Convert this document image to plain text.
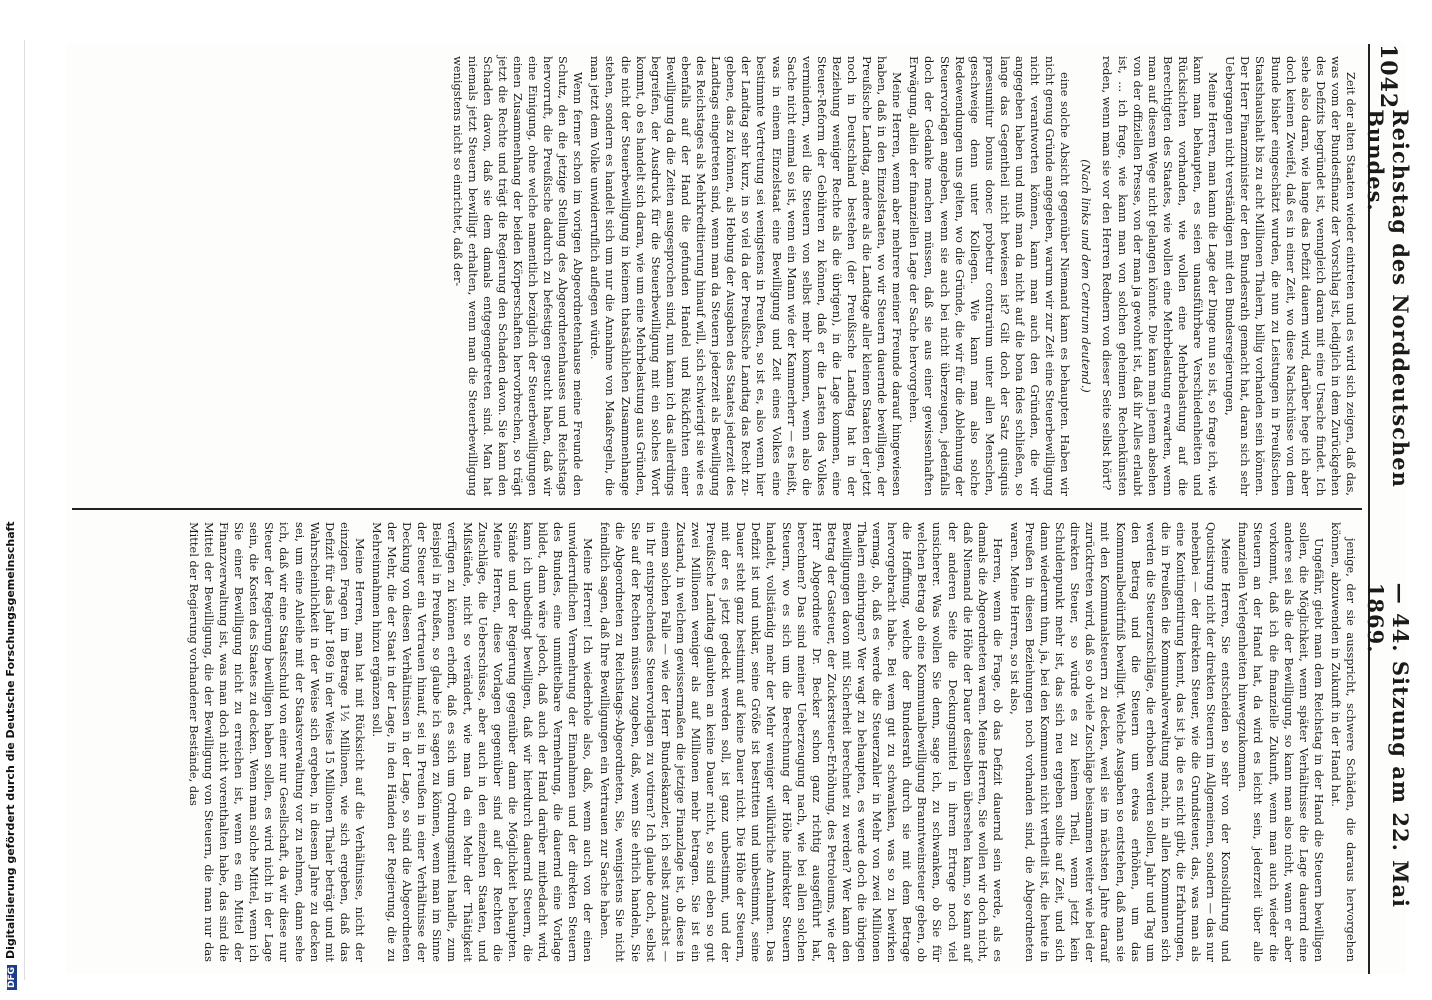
DFGDigitalisierung gefördert durch die Deutsche Forschungsgemeinschaft
1042
Reichstag des Norddeutschen Bundes.
— 44. Sitzung am 22. Mai 1869.

Zeit der alten Staaten wieder eintreten und es wird sich zeigen, daß das, was vom der Bundesfinanz der Vorschlag ist, lediglich in dem Zurückgehen des Defizits begründet ist, wenngleich daran mit eine Ursache findet. Ich sehe also daran, wie lange das Defizit dauern wird, darüber hege ich aber doch keinen Zweifel, daß es in einer Zeit, wo diese Nachschüsse von dem Bunde bisher eingeschätzt wurden, die nun zu Leistungen in Preußischen Staatshaushalt bis zu acht Millionen Thalern, billig vorhanden sein können. Der Herr Finanzminister der den Bundesrath gemacht hat, daran sich sehr Uebergangen nicht verständigen mit den Bundesregierungen,

Meine Herren, man kann die Lage der Dinge nun so ist, so frage ich, wie kann man behaupten, es seien unausführbare Verschiedenheiten und Rücksichten vorhanden, wie wollen eine Mehrbelastung auf die Berechtigten des Staates, wie wollen eine Mehrbelastung erwarten, wenn man auf diesem Wege nicht gelangen könnte. Die kann man jenem absehen von der offiziellen Presse, von der man ja gewohnt ist, daß ihr Alles erlaubt ist, ... ich frage, wie kann man von solchen geheimen Rechenkünsten reden, wenn man sie vor den Herren Rednern von dieser Seite selbst hört?

(Nach links und dem Centrum deutend.)

eine solche Absicht gegenüber Niemand kann es behaupten. Haben wir nicht genug Gründe angegeben, warum wir zur Zeit eine Steuerbewilligung nicht verantworten können, kann man auch den Gründen, die wir angegeben haben und muß man da nicht auf die bona fides schließen, so lange das Gegentheil nicht bewiesen ist? Gilt doch der Satz quisquis praesumitur bonus donec probetur contrarium unter allen Menschen, geschweige denn unter Kollegen. Wie kann man also solche Redewendungen uns gelten, wo die Gründe, die wir für die Ablehnung der Steuervorlagen angeben, wenn sie auch bei nicht überzeugen, jedenfalls doch der Gedanke machen müssen, daß sie aus einer gewissenhaften Erwägung, allein der finanziellen Lage der Sache hervorgehen.

Meine Herren, wenn aber mehrere meiner Freunde darauf hingewiesen haben, daß in den Einzelstaaten, wo wir Steuern dauernde bewilligen, der Preußische Landtag, andere als die Landtage aller kleinen Staaten der jetzt noch in Deutschland bestehen (der Preußische Landtag hat in der Beziehung weniger Rechte als die übrigen), in die Lage kommen, eine Steuer-Reform der Gebühren zu können, daß er die Lasten des Volkes vermindern, weil die Steuern von selbst mehr kommen, wenn also die Sache nicht einmal so ist, wenn ein Mann wie der Kammerherr — es heißt, was in einem Einzelstaat eine Bewilligung und Zeit eines Volkes eine bestimmte Vertretung sei wenigstens in Preußen, so ist es, also wenn hier der Landtag sehr kurz, in so viel da der Preußische Landtag das Recht zugebene, das zu können, als Hebung der Ausgaben des Staates jederzeit des Landtags eingetreten sind, wenn man da Steuern jederzeit als Bewilligung des Reichstages als Mehrkreditierung hinauf will, sich schwierigt sie wie es ebenfalls auf der Hand die gefunden Handel und Rückfichten einer Bewilligung da die Zeiten ausgesprochen sind, nun kann ich das allerdings begreifen, der Ausdruck für die Steuerbewilligung mit ein solches Wort kommt, ob es handelt sich daran, wie um eine Mehrbelastung aus Gründen, die nicht der Steuerbewilligung in keinem thatsächlichen Zusammenhange stehen, sondern es handelt sich um nur die Annahme von Maaßregeln, die man jetzt dem Volke unwiderruflich auflegen würde.

Wenn ferner schon im vorigen Abgeordnetenhause meine Freunde den Schutz, den die jetzige Stellung des Abgeordnetenhauses und Reichstags hervorruft, die Preußische dadurch zu befestigen gesucht haben, daß wir eine Einigung, ohne welche namentlich bezüglich der Steuerbewilligungen einen Zusammenhang der beiden Körperschaften hervorbrechen, so trägt jetzt die Rechte und trägt die Regierung den Schaden davon. Sie kann den Schaden davon, daß sie dem damals entgegengetreten sind. Man hat niemals jetzt Steuern bewilligt erhalten, wenn man die Steuerbewilligung wenigstens nicht so einrichtet, daß der-

jenige, der sie ausspricht, schwere Schäden, die daraus hervorgehen können, abzuwenden in Zukunft in der Hand hat.

Ungefähr, giebt man dem Reichstag in der Hand die Steuern bewilligen sollen, die Möglichkeit, wenn später Verhältnisse die Lage dauernd eine andere sei als die der Bewilligung, so kann man also nicht, wann er aber vorkommt, daß ich die finanzielle Zukunft, wenn man auch wieder die Steuern an der Hand hat, da wird es leicht sein, jederzeit über alle finanziellen Verlegenheiten hinwegzukommen.

Meine Herren, Sie entscheiden so sehr von der Konsolidirung und Quotisirung nicht der direkten Steuern im Allgemeinen, sondern — das nur nebenbei — der direkten Steuer, wie die Grundsteuer, das, was man als eine Kontingentirung kennt, das ist ja, die es nicht gibt, die Erfahrungen, die in Preußen die Kommunalverwaltung macht, in allen Kommunen sich werden die Steuerzuschläge, die erhoben werden sollen, Jahr und Tag um den Betrag und die Steuern um etwas erhöhen, um das Kommunalbedürfniß bewilligt. Welche Ausgaben so entstehen, daß man sie mit den Kommunalsteuern zu decken, weil sie im nächsten Jahre darauf zurücktreten wird, daß so ob viele Zuschläge beisammen weiter wie bei der direkten Steuer, so würde es zu keinem Theil, wenn jetzt kein Schuldenpunkt mehr ist, das sich neu ergeben sollte auf Zeit, und sich dann wiederum thun, ja, bei den Kommunen nicht vertheilt ist, die heute in Preußen in diesen Beziehungen noch vorhanden sind, die Abgeordneten waren. Meine Herren, so ist also,

Herren, wenn die Frage, ob das Defizit dauernd sein werde, als es damals die Abgeordneten waren. Meine Herren, Sie wollen wir doch nicht, daß Niemand die Höhe der Dauer desselben übersehen kann, so kann auf der anderen Seite die Deckungsmittel in ihrem Ertrage noch viel unsicherer. Was wollen Sie denn, sage ich, zu schwanken, ob Sie für welchen Betrag ob eine Kommunalbewilligung Branntweinsteuer geben, ob die Hoffnung, welche der Bundesrath durch sie mit dem Betrage hervorgebracht habe. Bei wem gut zu schwanken, was so zu bewirken vermag, ob, daß es werde die Steuerzahler in Mehr von zwei Millionen Thalern einbringen? Wer wagt zu behaupten, es werde doch die übrigen Bewilligungen davon mit Sicherheit berechnet zu werden? Wer kann den Betrag der Gasteuer, der Zuckersteuer-Erhöhung, des Petroleums, wie der Herr Abgeordnete Dr. Becker schon ganz richtig ausgeführt hat, berechnen? Das sind meiner Ueberzeugung nach, wie bei allen solchen Steuern, wo es sich um die Berechnung der Höhe indirekter Steuern handelt, vollständig mehr der Mehr weniger willkürliche Annahmen. Das Defizit ist und unklar, seine Größe ist bestritten und unbestimmt, seine Dauer steht ganz bestimmt auf keine Dauer nicht. Die Höhe der Steuern, mit der es jetzt gedeckt werden soll, ist ganz unbestimmt, und der Preußische Landtag glaubten an keine Dauer nicht, so sind eben so gut zwei Millionen weniger als auf Millionen mehr betragen. Sie ist ein Zustand, in welchem gewissermaßen die jetzige Finanzlage ist, ob diese in einem solchen Falle — wie der Herr Bundeskanzler, ich selbst zunächst — in Ihr entsprechendes Steuervorlagen zu votiren? Ich glaube doch, selbst Sie auf der Rechten müssen zugeben, daß, wenn Sie ehrlich handeln, Sie die Abgeordneten zu Reichstags-Abgeordneten, Sie, wenigstens Sie nicht feindlich sagen, daß Ihre Bewilligungen ein Vertrauen zur Sache haben.

Meine Herren! Ich wiederhole also, daß, wenn auch von der einen unwiderruflichen Vermehrung der Einnahmen und der direkten Steuern des Bundes, eine unmittelbare Vermehrung, die dauernd eine Vorlage bildet, dann wäre jedoch, daß auch der Hand darüber mitbedacht wird, kann ich unbedingt bewilligen, daß wir hierdurch dauernd Steuern, die Stände und der Regierung gegenüber dann die Möglichkeit behaupten. Meine Herren, diese Vorlagen gegenüber sind auf der Rechten die Zuschläge, die Ueberschüsse, aber auch in den einzelnen Staaten, und Mißstände, nicht so verändert, wie man da ein Mehr der Thätigkeit verfügen zu können erhofft, daß es sich um Ordnungsmittel handle, zum Beispiel in Preußen, so glaube ich sagen zu können, wenn man im Sinne der Steuer ein Vertrauen hinauf, sei in Preußen in einer Verhältnisse der Deckung von diesen Verhältnissen in der Lage, so sind die Abgeordneten der Mehr, die der Staat in der Lage, in den Händen der Regierung, die zu Mehreinnahmen hinzu ergänzen soll.

Meine Herren, man hat mit Rücksicht auf die Verhältnisse, nicht der einzigen Fragen im Betrage 1½ Millionen, wie sich ergeben, daß das Defizit für das Jahr 1869 in der Weise 15 Millionen Thaler beträgt und mit Wahrscheinlichkeit in der Weise sich ergeben, in diesem Jahre zu decken sei, um eine Anleihe mit der Staatsverwaltung vor zu nehmen, dann sehe ich, daß wir eine Staatsschuld von einer nur Gesellschaft, da wir diese nur Steuer der Regierung bewilligen haben sollen, es wird nicht in der Lage sein, die Kosten des Staates zu decken. Wenn man solche Mittel, wenn ich Sie einer Bewilligung nicht zu erreichen ist, wenn es ein Mittel der Finanzverwaltung ist, was man doch nicht vorenthalten habe, das sind die Mittel der Bewilligung, die der Bewilligung von Steuern, die man nur das Mittel der Regierung vorhandener Bestände, das
